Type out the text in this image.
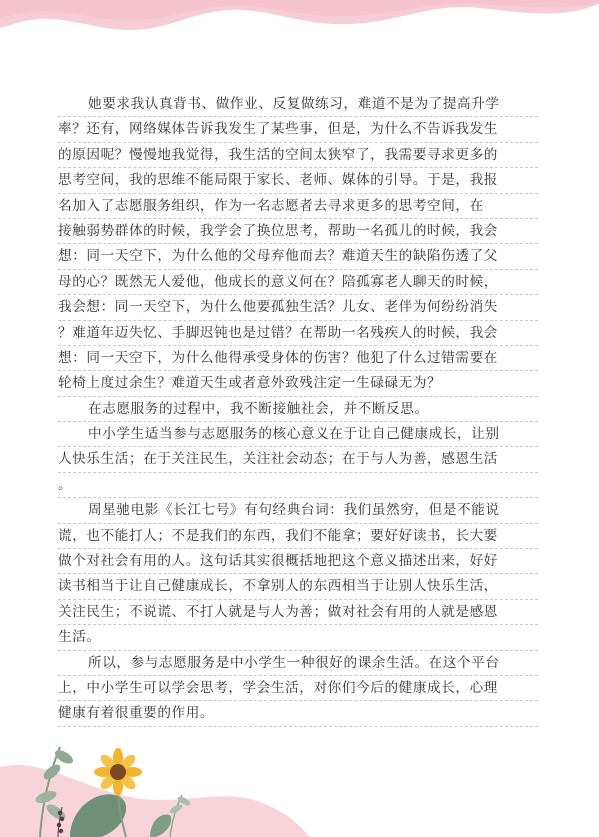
她要求我认真背书、做作业、反复做练习，难道不是为了提高升学
率？还有，网络媒体告诉我发生了某些事，但是，为什么不告诉我发生
的原因呢？慢慢地我觉得，我生活的空间太狭窄了，我需要寻求更多的
思考空间，我的思维不能局限于家长、老师、媒体的引导。于是，我报
名加入了志愿服务组织，作为一名志愿者去寻求更多的思考空间，在
接触弱势群体的时候，我学会了换位思考，帮助一名孤儿的时候，我会
想：同一天空下，为什么他的父母弃他而去？难道天生的缺陷伤透了父
母的心？既然无人爱他，他成长的意义何在？陪孤寡老人聊天的时候，
我会想：同一天空下，为什么他要孤独生活？儿女、老伴为何纷纷消失
？难道年迈失忆、手脚迟钝也是过错？在帮助一名残疾人的时候，我会
想：同一天空下，为什么他得承受身体的伤害？他犯了什么过错需要在
轮椅上度过余生？难道天生或者意外致残注定一生碌碌无为？
在志愿服务的过程中，我不断接触社会，并不断反思。
中小学生适当参与志愿服务的核心意义在于让自己健康成长，让别
人快乐生活；在于关注民生，关注社会动态；在于与人为善，感恩生活
。
周星驰电影《长江七号》有句经典台词：我们虽然穷，但是不能说
谎，也不能打人；不是我们的东西，我们不能拿；要好好读书，长大要
做个对社会有用的人。这句话其实很概括地把这个意义描述出来，好好
读书相当于让自己健康成长，不拿别人的东西相当于让别人快乐生活，
关注民生；不说谎、不打人就是与人为善；做对社会有用的人就是感恩
生活。
所以，参与志愿服务是中小学生一种很好的课余生活。在这个平台
上，中小学生可以学会思考，学会生活，对你们今后的健康成长，心理
健康有着很重要的作用。
